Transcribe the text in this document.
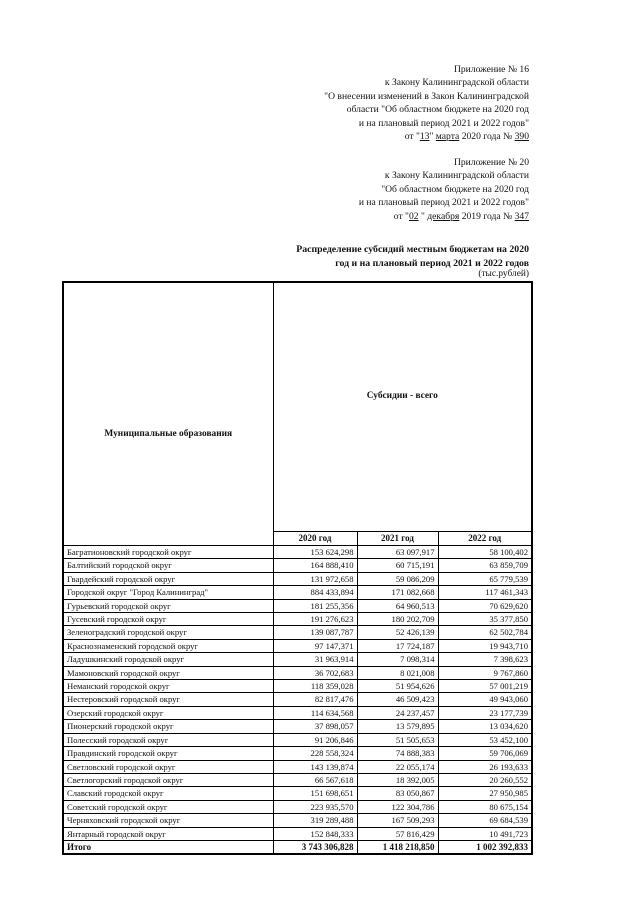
Приложение № 16
к Закону Калининградской области
"О внесении изменений в Закон Калининградской
области "Об областном бюджете на 2020 год
и на плановый период 2021 и 2022 годов"
от "13" марта 2020 года № 390
Приложение № 20
к Закону Калининградской области
"Об областном бюджете на 2020 год
и на плановый период 2021 и 2022 годов"
от "02 " декабря 2019 года № 347
Распределение субсидий местным бюджетам на 2020
год и на плановый период 2021 и 2022 годов
(тыс.рублей)
Муниципальные образования	Субсидии - всего		
	2020 год	2021 год	2022 год
Багратионовский городской округ	153 624,298	63 097,917	58 100,402
Балтийский городской округ	164 888,410	60 715,191	63 859,709
Гвардейский городской округ	131 972,658	59 086,209	65 779,539
Городской округ "Город Калининград"	884 433,894	171 082,668	117 461,343
Гурьевский городской округ	181 255,356	64 960,513	70 629,620
Гусевский городской округ	191 276,623	180 202,709	35 377,850
Зеленоградский городской округ	139 087,787	52 426,139	62 502,784
Краснознаменский городской округ	97 147,371	17 724,187	19 943,710
Ладушкинский городской округ	31 963,914	7 098,314	7 398,623
Мамоновский городской округ	36 702,683	8 021,008	9 767,860
Неманский городской округ	118 359,028	51 954,626	57 001,219
Нестеровский городской округ	82 817,476	46 509,423	49 943,060
Озерский городской округ	114 634,568	24 237,457	23 177,739
Пионерский городской округ	37 898,057	13 579,895	13 034,620
Полесский городской округ	91 206,846	51 505,653	53 452,100
Правдинский городской округ	228 558,324	74 888,383	59 706,069
Светловский городской округ	143 139,874	22 055,174	26 193,633
Светлогорский городской округ	66 567,618	18 392,005	20 260,552
Славский городской округ	151 698,651	83 050,867	27 950,985
Советский городской округ	223 935,570	122 304,786	80 675,154
Черняховский городской округ	319 289,488	167 509,293	69 684,539
Янтарный городской округ	152 848,333	57 816,429	10 491,723
Итого	3 743 306,828	1 418 218,850	1 002 392,833
